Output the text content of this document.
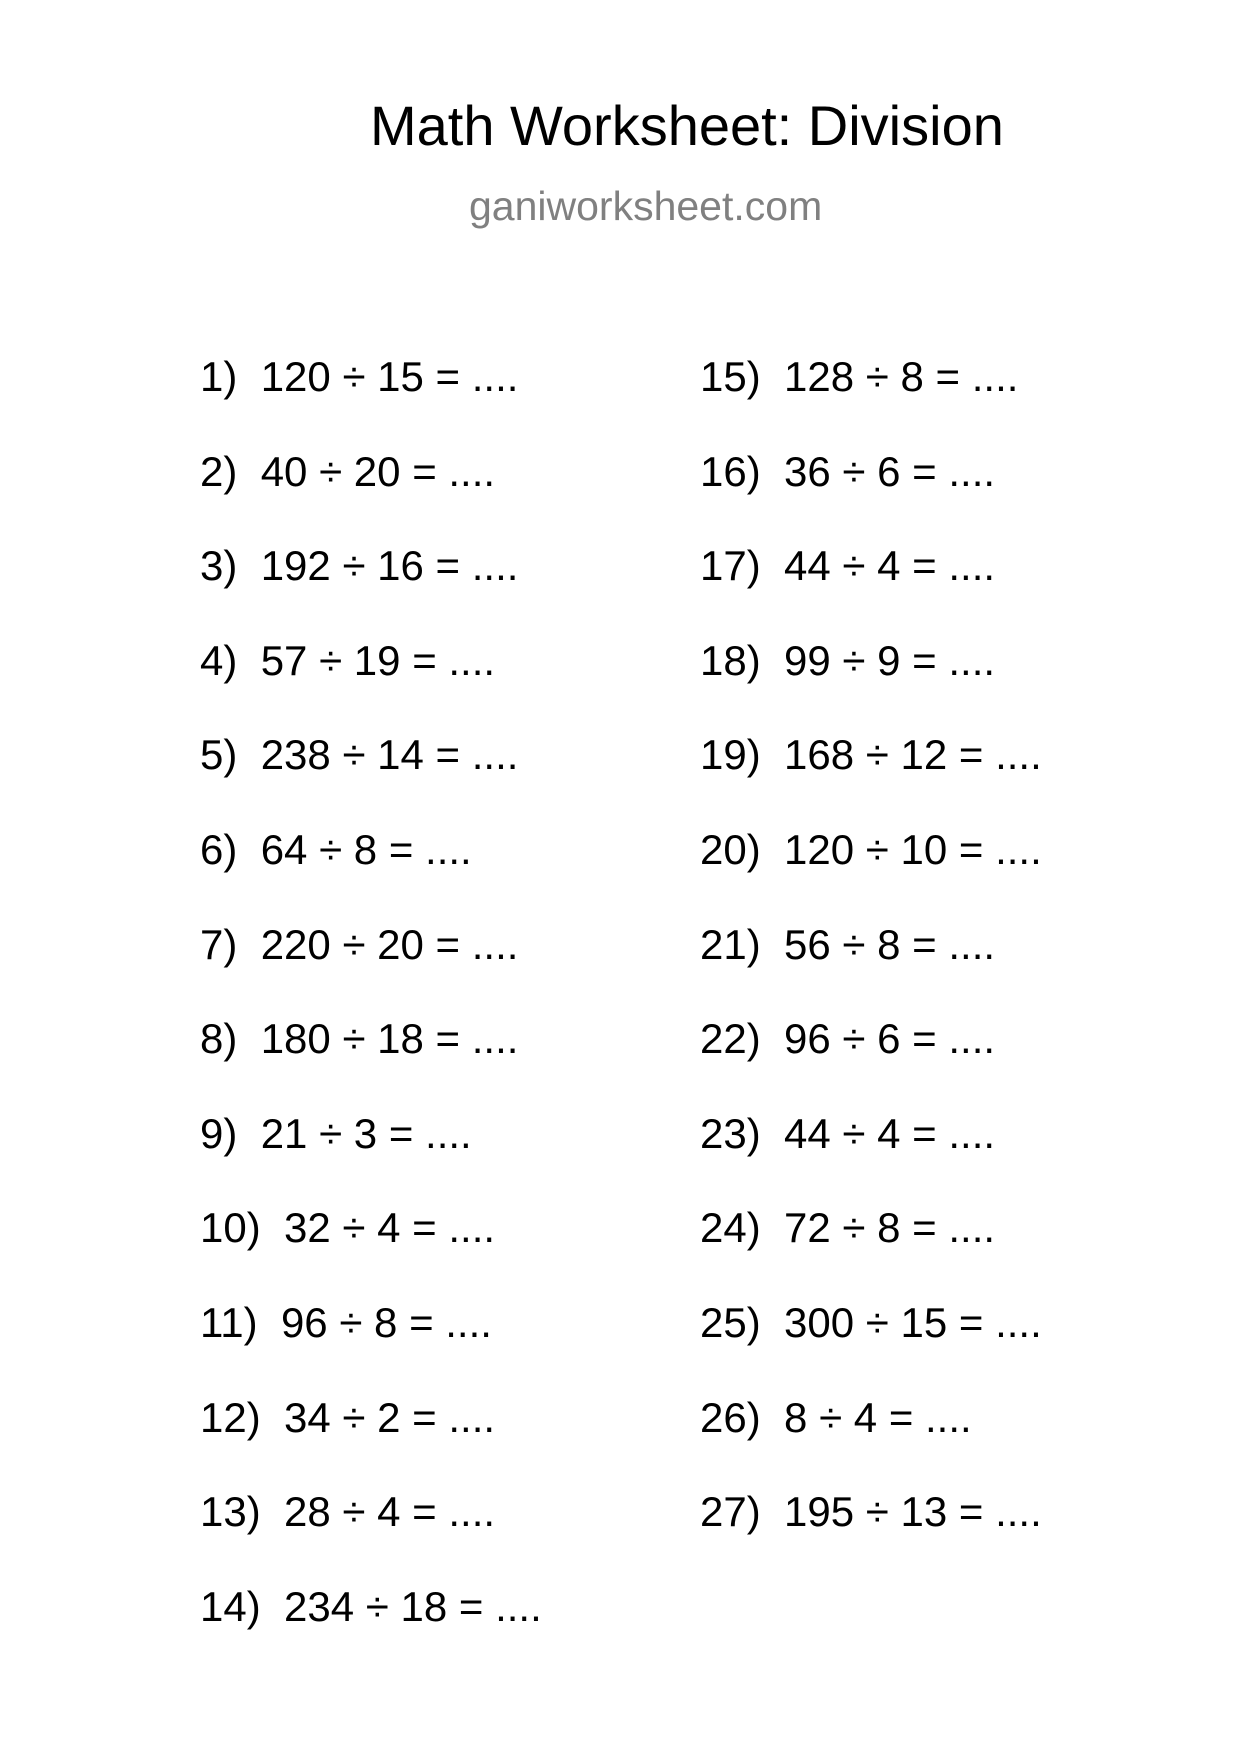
Math Worksheet: Division
ganiworksheet.com
1) 120 ÷ 15 = ....
2) 40 ÷ 20 = ....
3) 192 ÷ 16 = ....
4) 57 ÷ 19 = ....
5) 238 ÷ 14 = ....
6) 64 ÷ 8 = ....
7) 220 ÷ 20 = ....
8) 180 ÷ 18 = ....
9) 21 ÷ 3 = ....
10) 32 ÷ 4 = ....
11) 96 ÷ 8 = ....
12) 34 ÷ 2 = ....
13) 28 ÷ 4 = ....
14) 234 ÷ 18 = ....
15) 128 ÷ 8 = ....
16) 36 ÷ 6 = ....
17) 44 ÷ 4 = ....
18) 99 ÷ 9 = ....
19) 168 ÷ 12 = ....
20) 120 ÷ 10 = ....
21) 56 ÷ 8 = ....
22) 96 ÷ 6 = ....
23) 44 ÷ 4 = ....
24) 72 ÷ 8 = ....
25) 300 ÷ 15 = ....
26) 8 ÷ 4 = ....
27) 195 ÷ 13 = ....
